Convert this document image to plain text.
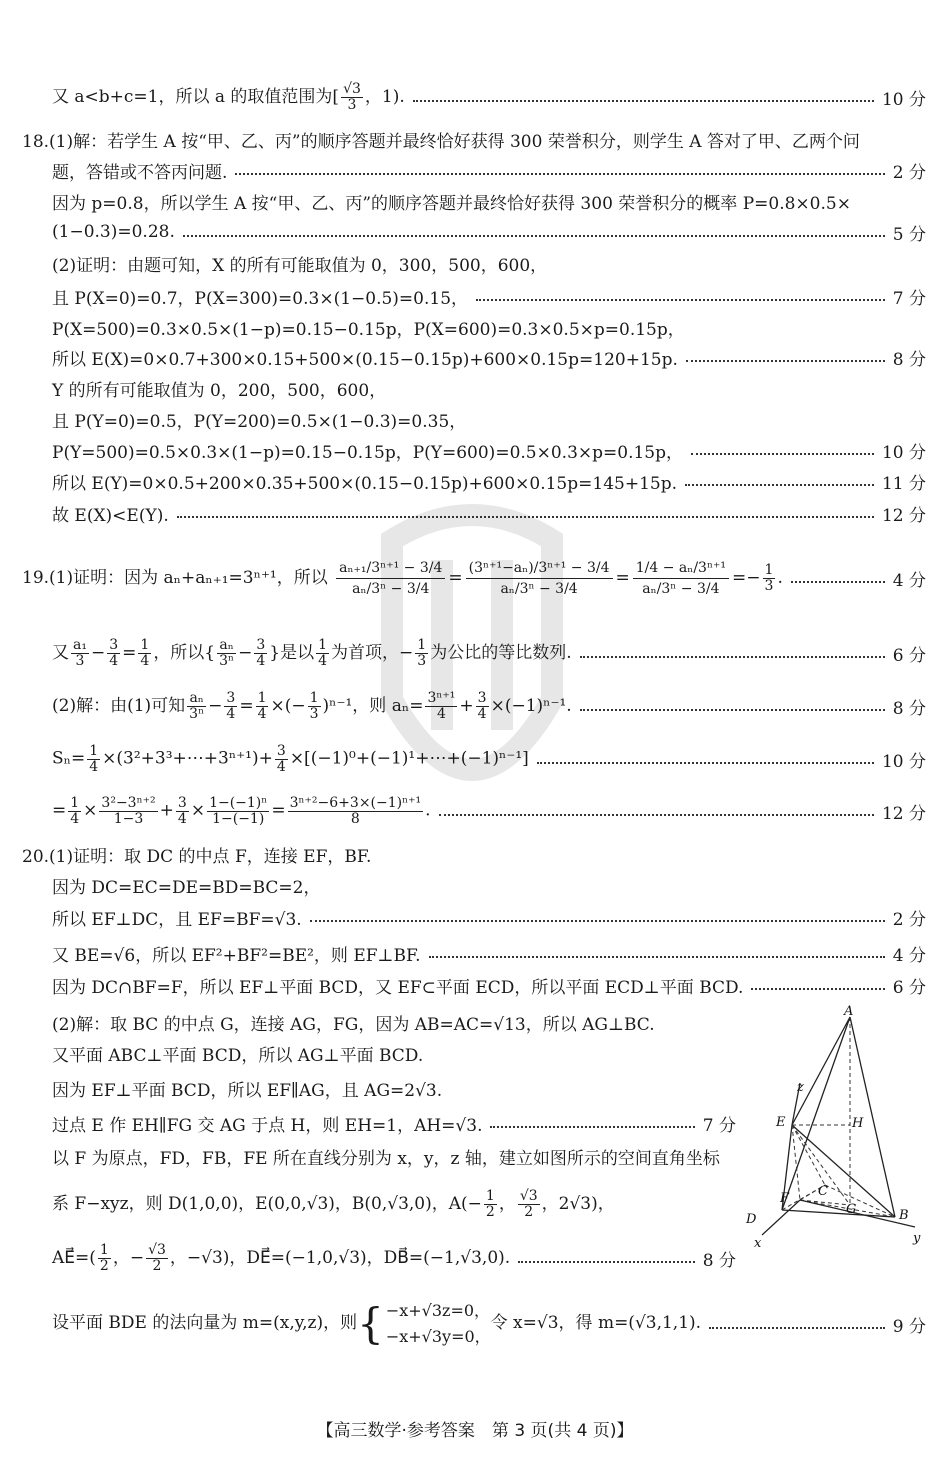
又 a<b+c=1，所以 a 的取值范围为[ $\frac{√3}{3}$ ，1).	10 分
18.(1)解：若学生 A 按“甲、乙、丙”的顺序答题并最终恰好获得 300 荣誉积分，则学生 A 答对了甲、乙两个问
题，答错或不答丙问题.	2 分
因为 p=0.8，所以学生 A 按“甲、乙、丙”的顺序答题并最终恰好获得 300 荣誉积分的概率 P=0.8×0.5×
(1−0.3)=0.28.	5 分
(2)证明：由题可知，X 的所有可能取值为 0，300，500，600，
且 P(X=0)=0.7，P(X=300)=0.3×(1−0.5)=0.15，	7 分
P(X=500)=0.3×0.5×(1−p)=0.15−0.15p，P(X=600)=0.3×0.5×p=0.15p，
所以 E(X)=0×0.7+300×0.15+500×(0.15−0.15p)+600×0.15p=120+15p.	8 分
Y 的所有可能取值为 0，200，500，600，
且 P(Y=0)=0.5，P(Y=200)=0.5×(1−0.3)=0.35，
P(Y=500)=0.5×0.3×(1−p)=0.15−0.15p，P(Y=600)=0.5×0.3×p=0.15p，	10 分
所以 E(Y)=0×0.5+200×0.35+500×(0.15−0.15p)+600×0.15p=145+15p.	11 分
故 E(X)<E(Y).	12 分
19.(1)证明：因为 aₙ+aₙ₊₁=3ⁿ⁺¹，所以 $\frac{\text{aₙ₊₁/3ⁿ⁺¹ − 3/4}}{\text{aₙ/3ⁿ − 3/4}} = \frac{\text{(3ⁿ⁺¹−aₙ)/3ⁿ⁺¹ − 3/4}}{\text{aₙ/3ⁿ − 3/4}} = \frac{\text{1/4 − aₙ/3ⁿ⁺¹}}{\text{aₙ/3ⁿ − 3/4}} =- \frac{1}{3}$ .	4 分
又 $\frac{\text{a₁}}{3} - \frac{3}{4} = \frac{1}{4}$ ，所以{ $\frac{\text{aₙ}}{\text{3ⁿ}} - \frac{3}{4}$ }是以 $\frac{1}{4}$ 为首项，− $\frac{1}{3}$ 为公比的等比数列.	6 分
(2)解：由(1)可知 $\frac{\text{aₙ}}{\text{3ⁿ}} - \frac{3}{4} = \frac{1}{4}$ ×(− $\frac{1}{3} )^{n-1}$，则 $a_n= \frac{\text{3ⁿ⁺¹}}{4} + \frac{3}{4} \times(-1)^{n-1}$.	8 分
$S_n= \frac{1}{4}$ ×(3²+3³+⋯+3ⁿ⁺¹)+ $\frac{3}{4}$ ×[(−1)⁰+(−1)¹+⋯+(−1)ⁿ⁻¹]	10 分
= $\frac{1}{4} \times \frac{\text{3²−3ⁿ⁺²}}{1-3} + \frac{3}{4} \times \frac{\text{1−(−1)ⁿ}}{1-(-1)} = \frac{\text{3ⁿ⁺²−6+3×(−1)ⁿ⁺¹}}{8}$ .	12 分
20.(1)证明：取 DC 的中点 F，连接 EF，BF.
因为 DC=EC=DE=BD=BC=2，
所以 EF⊥DC，且 EF=BF=√3.	2 分
又 BE=√6，所以 EF²+BF²=BE²，则 EF⊥BF.	4 分
因为 DC∩BF=F，所以 EF⊥平面 BCD，又 EF⊂平面 ECD，所以平面 ECD⊥平面 BCD.	6 分
(2)解：取 BC 的中点 G，连接 AG，FG，因为 AB=AC=√13，所以 AG⊥BC.
又平面 ABC⊥平面 BCD，所以 AG⊥平面 BCD.
因为 EF⊥平面 BCD，所以 EF∥AG，且 AG=2√3.
过点 E 作 EH∥FG 交 AG 于点 H，则 EH=1，AH=√3.	7 分
以 F 为原点，FD，FB，FE 所在直线分别为 x，y，z 轴，建立如图所示的空间直角坐标
系 F−xyz，则 D(1,0,0)，E(0,0,√3)，B(0,√3,0)，$A(- \frac{1}{2}$ ， $\frac{√3}{2}$ ，2√3)，
AE⃗=( $\frac{1}{2}$ ，− $\frac{√3}{2}$ ，−√3)，DE⃗=(−1,0,√3)，DB⃗=(−1,√3,0).	8 分
设平面 BDE 的法向量为 m=(x,y,z)，则 { −x+√3z=0，
−x+√3y=0，
令 x=√3，得 m=(√3,1,1).	9 分
A
E	H
z
F C
G
D	B
x	y
【高三数学·参考答案　第 3 页(共 4 页)】
